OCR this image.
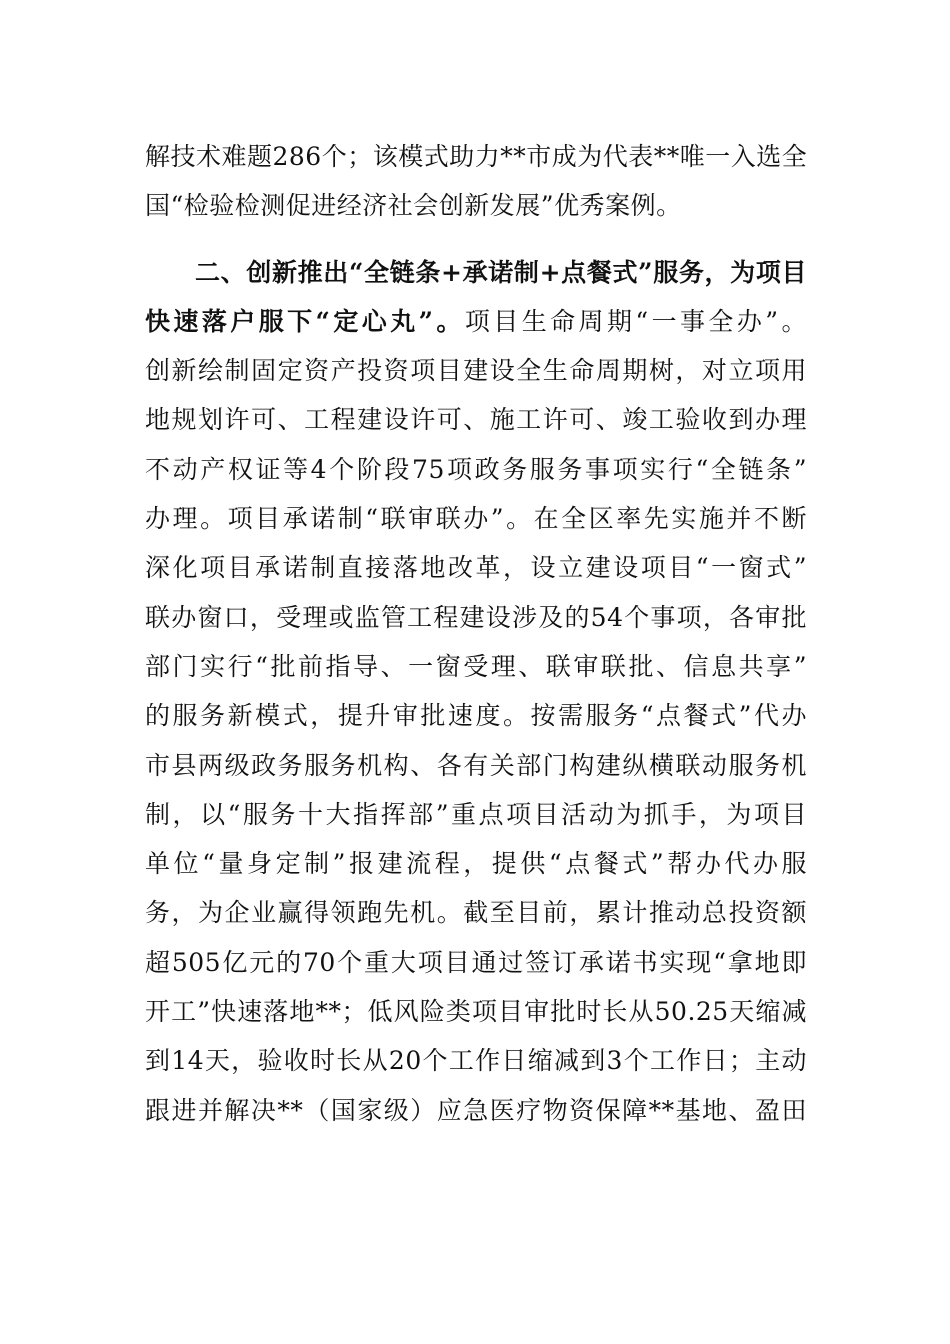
解技术难题286个；该模式助力**市成为代表**唯一入选全
国“检验检测促进经济社会创新发展”优秀案例。
二、创新推出“全链条+承诺制+点餐式”服务，为项目
快速落户服下“定心丸”。项目生命周期“一事全办”。
创新绘制固定资产投资项目建设全生命周期树，对立项用
地规划许可、工程建设许可、施工许可、竣工验收到办理
不动产权证等4个阶段75项政务服务事项实行“全链条”
办理。项目承诺制“联审联办”。在全区率先实施并不断
深化项目承诺制直接落地改革，设立建设项目“一窗式”
联办窗口，受理或监管工程建设涉及的54个事项，各审批
部门实行“批前指导、一窗受理、联审联批、信息共享”
的服务新模式，提升审批速度。按需服务“点餐式”代办
市县两级政务服务机构、各有关部门构建纵横联动服务机
制，以“服务十大指挥部”重点项目活动为抓手，为项目
单位“量身定制”报建流程，提供“点餐式”帮办代办服
务，为企业赢得领跑先机。截至目前，累计推动总投资额
超505亿元的70个重大项目通过签订承诺书实现“拿地即
开工”快速落地**；低风险类项目审批时长从50.25天缩减
到14天，验收时长从20个工作日缩减到3个工作日；主动
跟进并解决**（国家级）应急医疗物资保障**基地、盈田
